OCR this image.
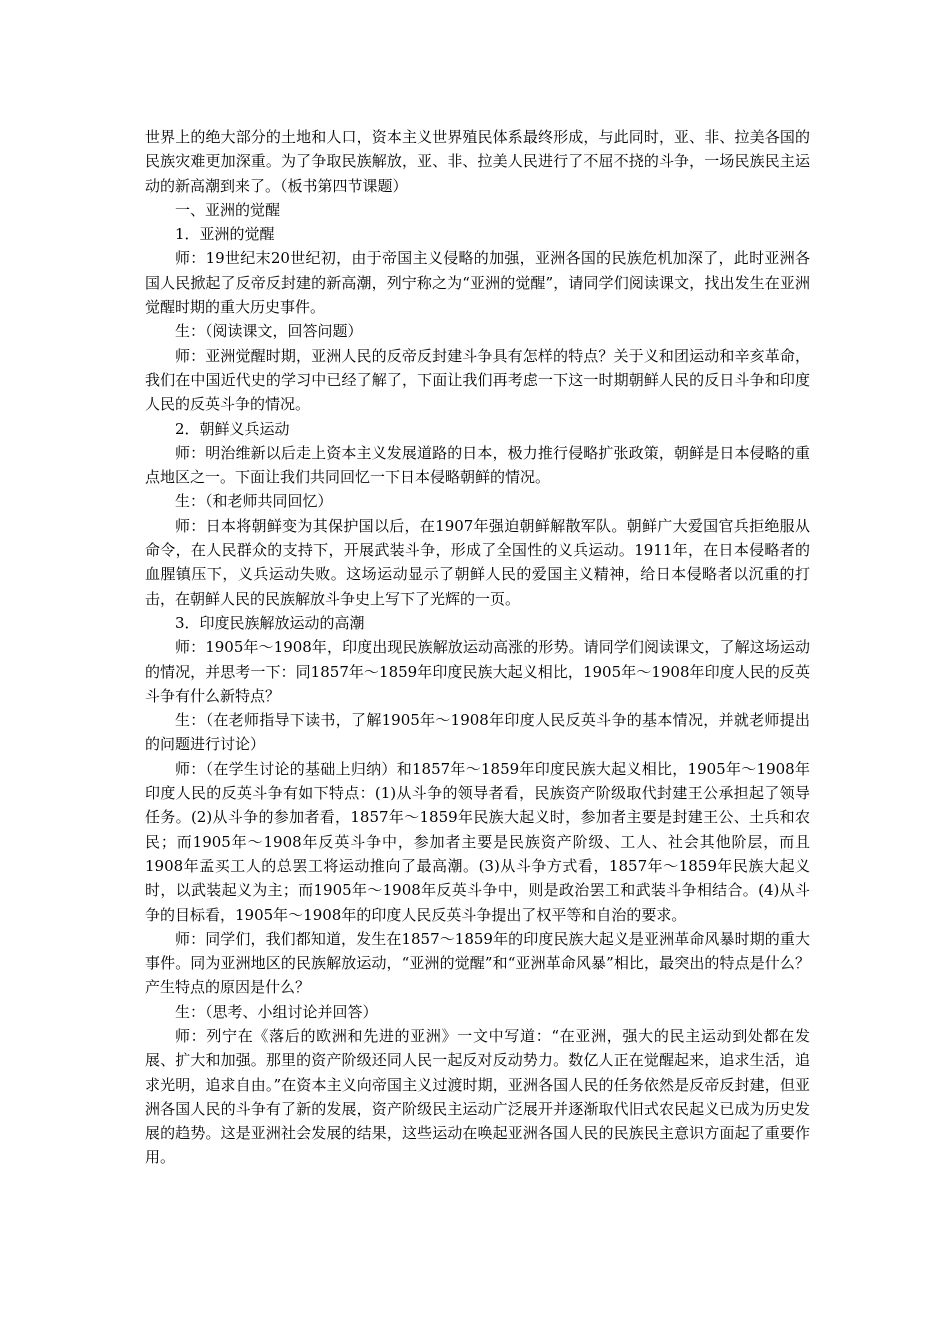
世界上的绝大部分的土地和人口，资本主义世界殖民体系最终形成，与此同时，亚、非、拉美各国的民族灾难更加深重。为了争取民族解放，亚、非、拉美人民进行了不屈不挠的斗争，一场民族民主运动的新高潮到来了。（板书第四节课题）

一、亚洲的觉醒

1．亚洲的觉醒

师：19世纪末20世纪初，由于帝国主义侵略的加强，亚洲各国的民族危机加深了，此时亚洲各国人民掀起了反帝反封建的新高潮，列宁称之为“亚洲的觉醒”，请同学们阅读课文，找出发生在亚洲觉醒时期的重大历史事件。

生：（阅读课文，回答问题）

师：亚洲觉醒时期，亚洲人民的反帝反封建斗争具有怎样的特点？关于义和团运动和辛亥革命，我们在中国近代史的学习中已经了解了，下面让我们再考虑一下这一时期朝鲜人民的反日斗争和印度人民的反英斗争的情况。

2．朝鲜义兵运动

师：明治维新以后走上资本主义发展道路的日本，极力推行侵略扩张政策，朝鲜是日本侵略的重点地区之一。下面让我们共同回忆一下日本侵略朝鲜的情况。

生：（和老师共同回忆）

师：日本将朝鲜变为其保护国以后，在1907年强迫朝鲜解散军队。朝鲜广大爱国官兵拒绝服从命令，在人民群众的支持下，开展武装斗争，形成了全国性的义兵运动。1911年，在日本侵略者的血腥镇压下，义兵运动失败。这场运动显示了朝鲜人民的爱国主义精神，给日本侵略者以沉重的打击，在朝鲜人民的民族解放斗争史上写下了光辉的一页。

3．印度民族解放运动的高潮

师：1905年～1908年，印度出现民族解放运动高涨的形势。请同学们阅读课文，了解这场运动的情况，并思考一下：同1857年～1859年印度民族大起义相比，1905年～1908年印度人民的反英斗争有什么新特点？

生：（在老师指导下读书，了解1905年～1908年印度人民反英斗争的基本情况，并就老师提出的问题进行讨论）

师：（在学生讨论的基础上归纳）和1857年～1859年印度民族大起义相比，1905年～1908年印度人民的反英斗争有如下特点：(1)从斗争的领导者看，民族资产阶级取代封建王公承担起了领导任务。(2)从斗争的参加者看，1857年～1859年民族大起义时，参加者主要是封建王公、土兵和农民；而1905年～1908年反英斗争中，参加者主要是民族资产阶级、工人、社会其他阶层，而且1908年孟买工人的总罢工将运动推向了最高潮。(3)从斗争方式看，1857年～1859年民族大起义时，以武装起义为主；而1905年～1908年反英斗争中，则是政治罢工和武装斗争相结合。(4)从斗争的目标看，1905年～1908年的印度人民反英斗争提出了权平等和自治的要求。

师：同学们，我们都知道，发生在1857～1859年的印度民族大起义是亚洲革命风暴时期的重大事件。同为亚洲地区的民族解放运动，“亚洲的觉醒”和“亚洲革命风暴”相比，最突出的特点是什么？产生特点的原因是什么？

生：（思考、小组讨论并回答）

师：列宁在《落后的欧洲和先进的亚洲》一文中写道：“在亚洲，强大的民主运动到处都在发展、扩大和加强。那里的资产阶级还同人民一起反对反动势力。数亿人正在觉醒起来，追求生活，追求光明，追求自由。”在资本主义向帝国主义过渡时期，亚洲各国人民的任务依然是反帝反封建，但亚洲各国人民的斗争有了新的发展，资产阶级民主运动广泛展开并逐渐取代旧式农民起义已成为历史发展的趋势。这是亚洲社会发展的结果，这些运动在唤起亚洲各国人民的民族民主意识方面起了重要作用。
